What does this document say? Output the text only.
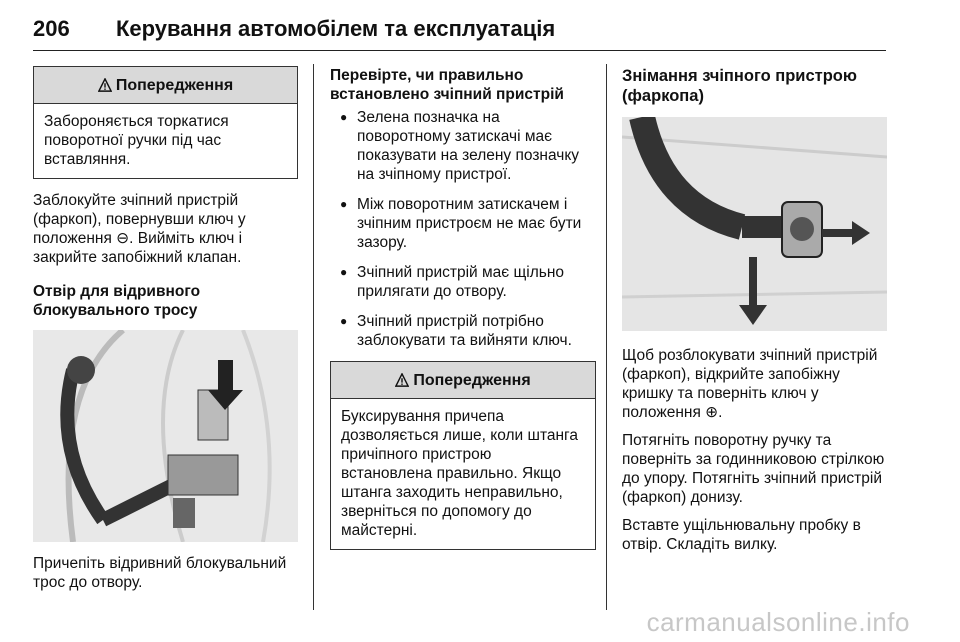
206 Керування автомобілем та експлуатація
Попередження
Забороняється торкатися поворотної ручки під час вставляння.

Заблокуйте зчіпний пристрій (фаркоп), повернувши ключ у положення ⊖. Вийміть ключ і закрийте запобіжний клапан.

Отвір для відривного блокувального тросу

Причепіть відривний блокувальний трос до отвору.

Перевірте, чи правильно встановлено зчіпний пристрій

● Зелена позначка на поворотному затискачі має показувати на зелену позначку на зчіпному пристрої.
● Між поворотним затискачем і зчіпним пристроєм не має бути зазору.
● Зчіпний пристрій має щільно прилягати до отвору.
● Зчіпний пристрій потрібно заблокувати та вийняти ключ.
Попередження
Буксирування причепа дозволяється лише, коли штанга причіпного пристрою встановлена правильно. Якщо штанга заходить неправильно, зверніться по допомогу до майстерні.

Знімання зчіпного пристрою (фаркопа)

Щоб розблокувати зчіпний пристрій (фаркоп), відкрийте запобіжну кришку та поверніть ключ у положення ⊕.

Потягніть поворотну ручку та поверніть за годинниковою стрілкою до упору. Потягніть зчіпний пристрій (фаркоп) донизу.

Вставте ущільнювальну пробку в отвір. Складіть вилку.

carmanualsonline.info
